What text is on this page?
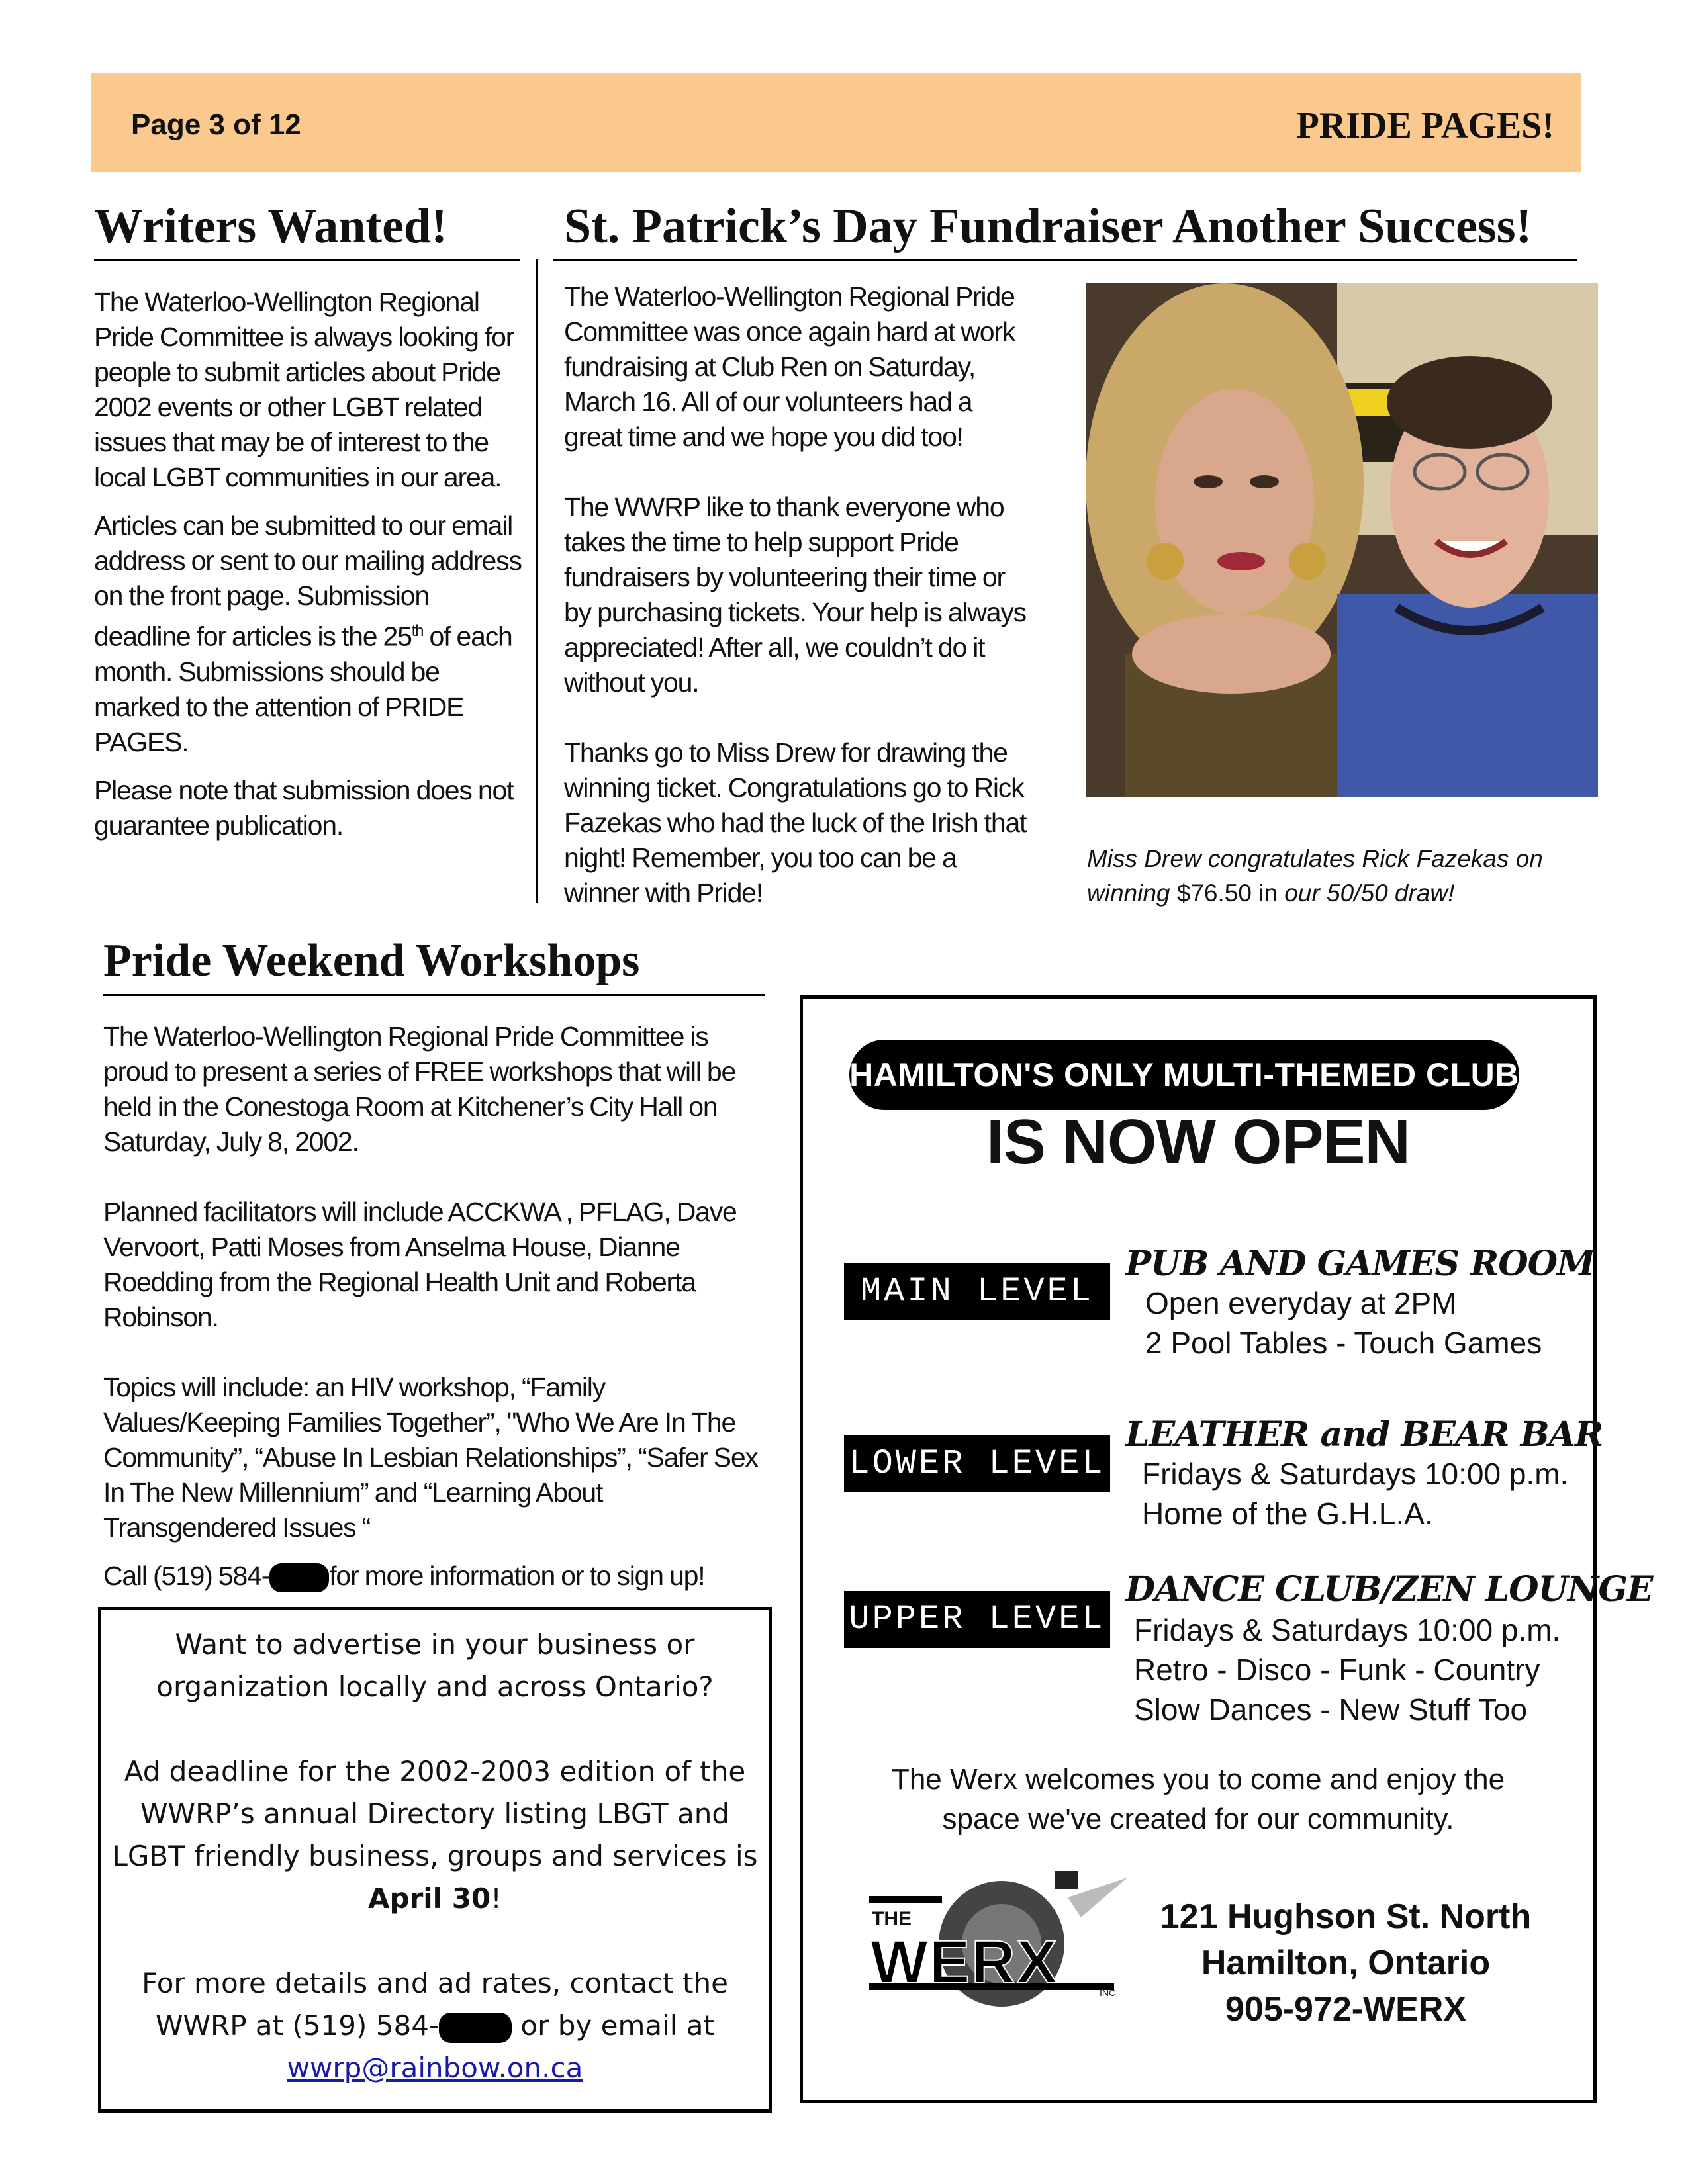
Page 3 of 12	PRIDE PAGES!
Writers Wanted!

The Waterloo-Wellington Regional Pride Committee is always looking for people to submit articles about Pride 2002 events or other LGBT related issues that may be of interest to the local LGBT communities in our area.

Articles can be submitted to our email address or sent to our mailing address on the front page. Submission deadline for articles is the 25th of each month. Submissions should be marked to the attention of PRIDE PAGES.

Please note that submission does not guarantee publication.

St. Patrick’s Day Fundraiser Another Success!

The Waterloo-Wellington Regional Pride Committee was once again hard at work fundraising at Club Ren on Saturday, March 16. All of our volunteers had a great time and we hope you did too!

The WWRP like to thank everyone who takes the time to help support Pride fundraisers by volunteering their time or by purchasing tickets. Your help is always appreciated! After all, we couldn’t do it without you.

Thanks go to Miss Drew for drawing the winning ticket. Congratulations go to Rick Fazekas who had the luck of the Irish that night! Remember, you too can be a winner with Pride!

Miss Drew congratulates Rick Fazekas on winning $76.50 in our 50/50 draw!
Pride Weekend Workshops

The Waterloo-Wellington Regional Pride Committee is proud to present a series of FREE workshops that will be held in the Conestoga Room at Kitchener’s City Hall on Saturday, July 8, 2002.

Planned facilitators will include ACCKWA , PFLAG, Dave Vervoort, Patti Moses from Anselma House, Dianne Roedding from the Regional Health Unit and Roberta Robinson.

Topics will include: an HIV workshop, “Family Values/Keeping Families Together”, "Who We Are In The Community”, “Abuse In Lesbian Relationships”, “Safer Sex In The New Millennium” and “Learning About Transgendered Issues “

Call (519) 584- for more information or to sign up!

Want to advertise in your business or organization locally and across Ontario?

Ad deadline for the 2002-2003 edition of the WWRP’s annual Directory listing LBGT and LGBT friendly business, groups and services is April 30!

For more details and ad rates, contact the WWRP at (519) 584-	or by email at
wwrp@rainbow.on.ca

HAMILTON'S ONLY MULTI-THEMED CLUB
IS NOW OPEN
MAIN LEVEL
PUB AND GAMES ROOM
Open everyday at 2PM
2 Pool Tables - Touch Games
LOWER LEVEL
LEATHER and BEAR BAR
Fridays & Saturdays 10:00 p.m.
Home of the G.H.L.A.
UPPER LEVEL
DANCE CLUB/ZEN LOUNGE
Fridays & Saturdays 10:00 p.m.
Retro - Disco - Funk - Country
Slow Dances - New Stuff Too
The Werx welcomes you to come and enjoy the
space we've created for our community.
THE
WERX	INC
121 Hughson St. North
Hamilton, Ontario
905-972-WERX
